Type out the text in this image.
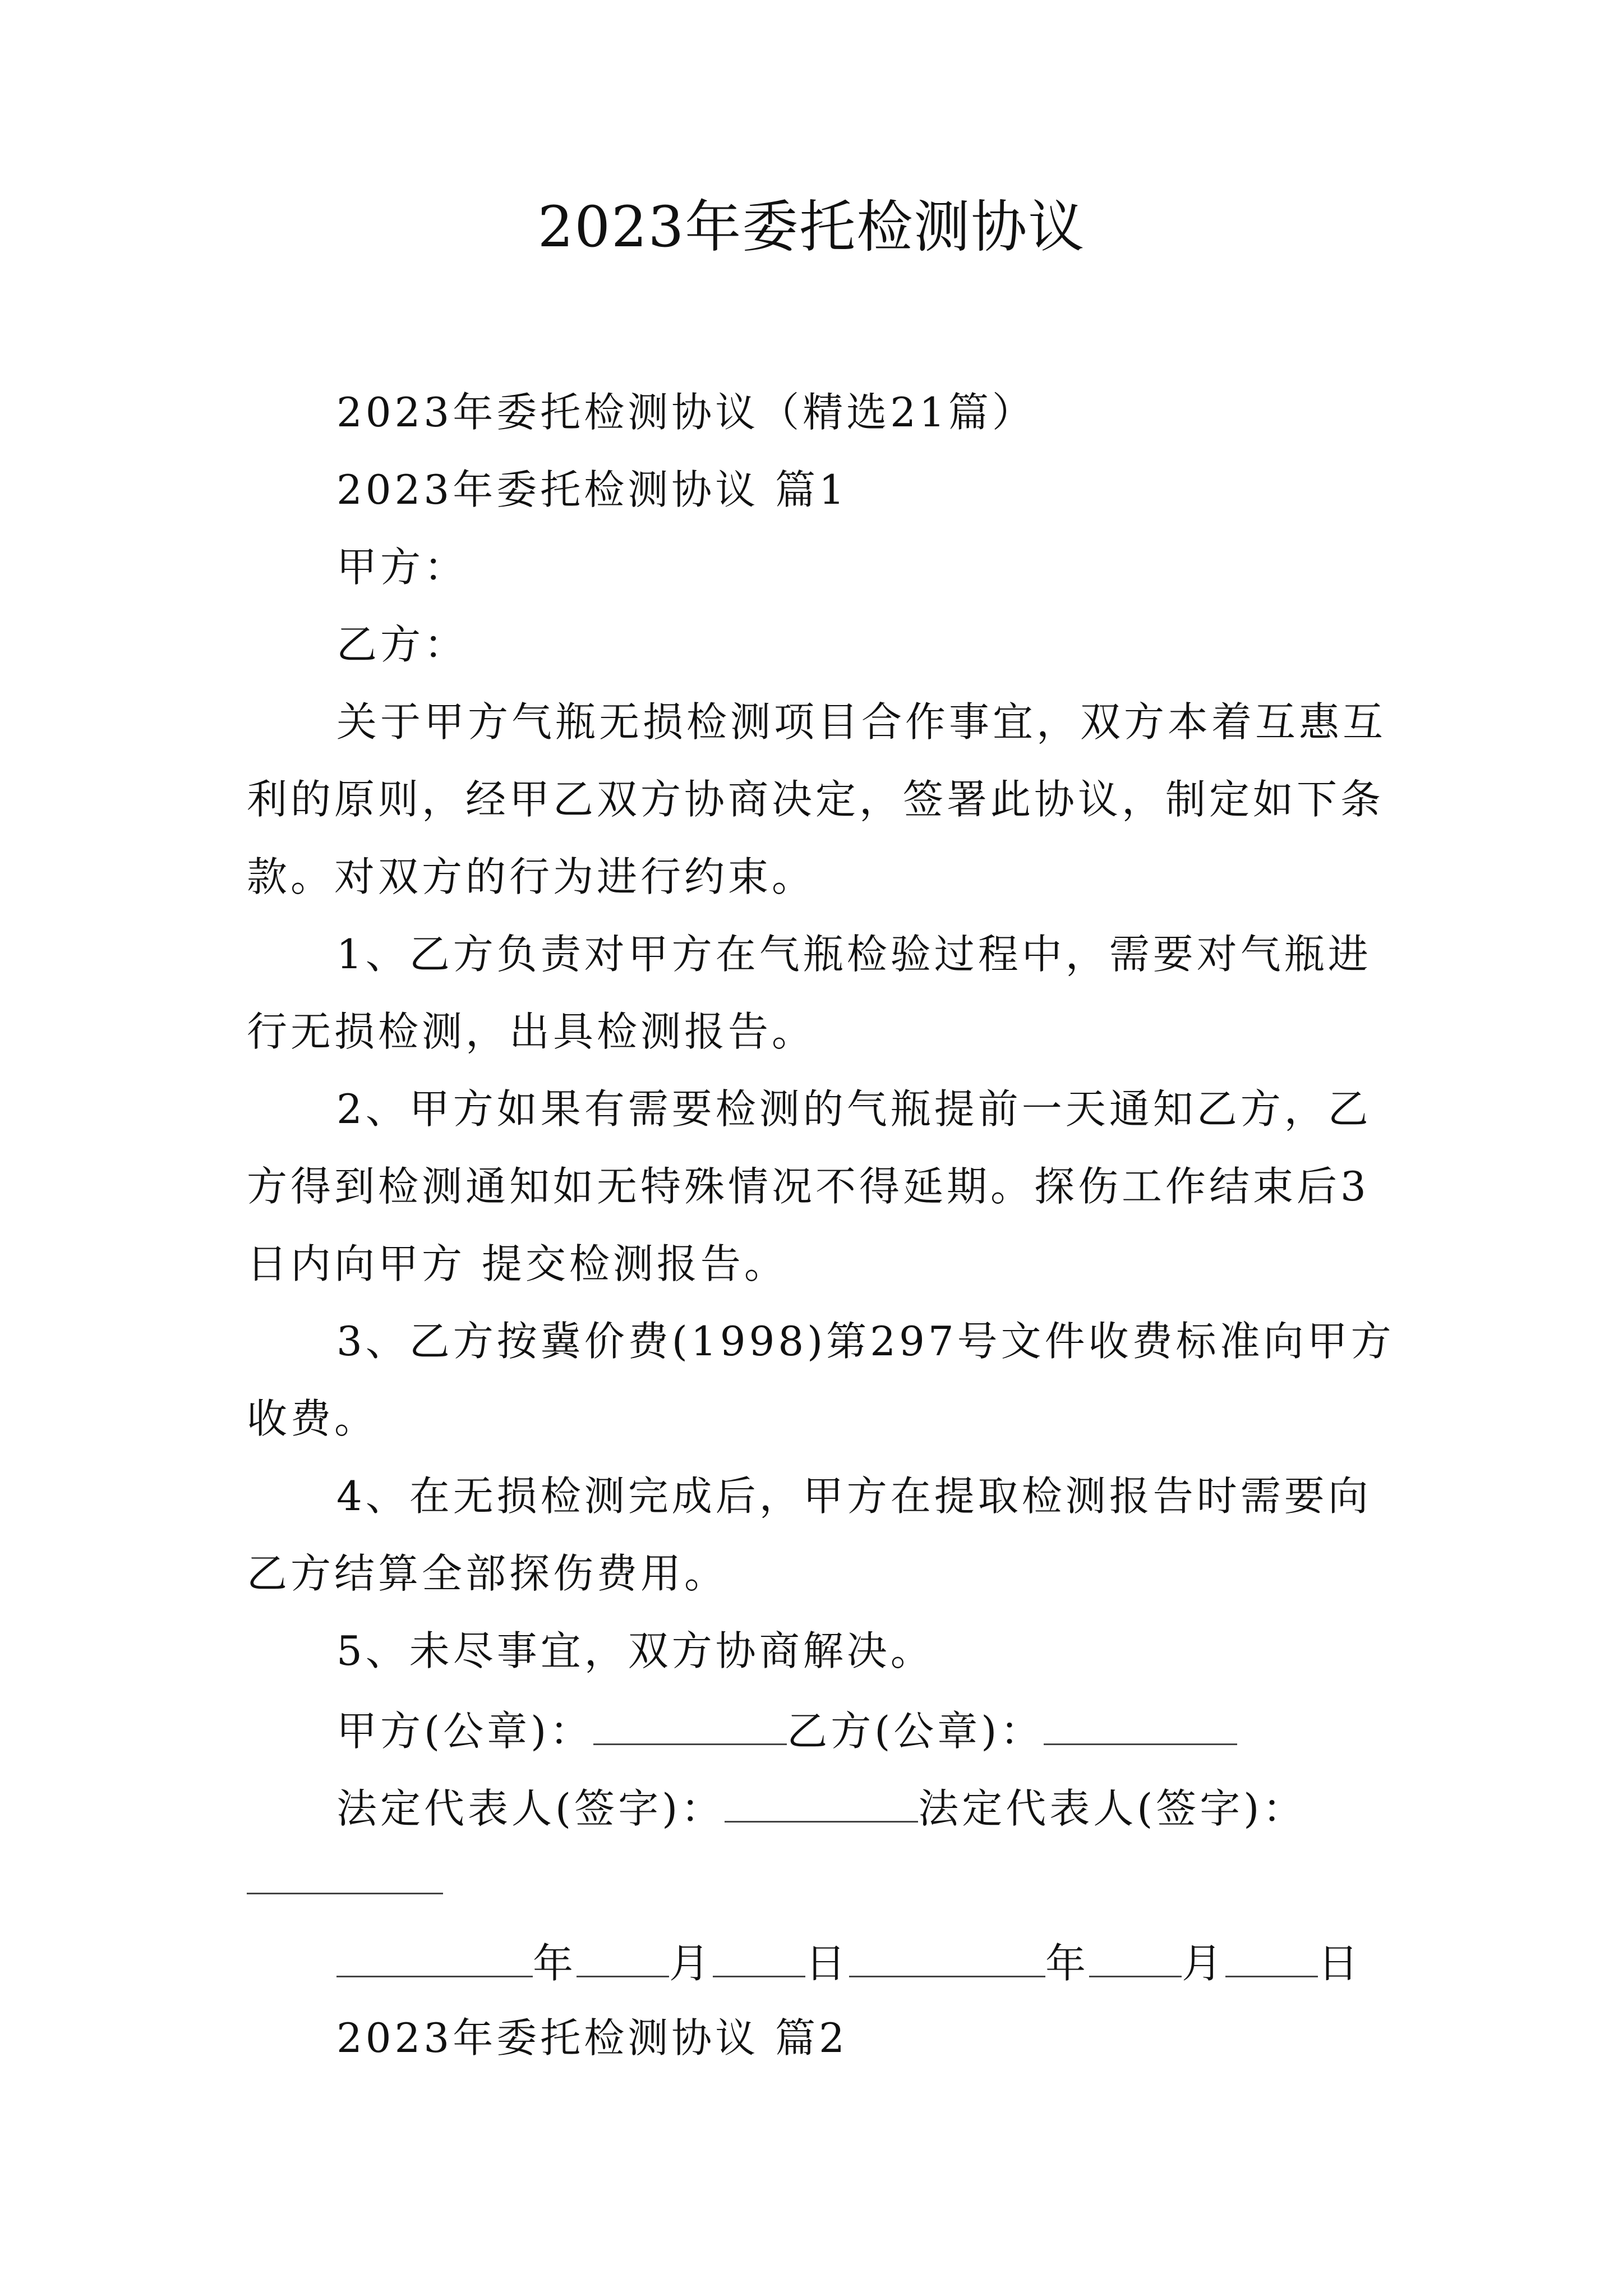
2023年委托检测协议
2023年委托检测协议（精选21篇）
2023年委托检测协议 篇1
甲方：
乙方：
关于甲方气瓶无损检测项目合作事宜，双方本着互惠互
利的原则，经甲乙双方协商决定，签署此协议，制定如下条
款。对双方的行为进行约束。
1、乙方负责对甲方在气瓶检验过程中，需要对气瓶进
行无损检测，出具检测报告。
2、甲方如果有需要检测的气瓶提前一天通知乙方，乙
方得到检测通知如无特殊情况不得延期。探伤工作结束后3
日内向甲方 提交检测报告。
3、乙方按冀价费(1998)第297号文件收费标准向甲方
收费。
4、在无损检测完成后，甲方在提取检测报告时需要向
乙方结算全部探伤费用。
5、未尽事宜，双方协商解决。
甲方(公章)：	乙方(公章)：
法定代表人(签字)：	法定代表人(签字)：
年 月 日	年 月 日
2023年委托检测协议 篇2
